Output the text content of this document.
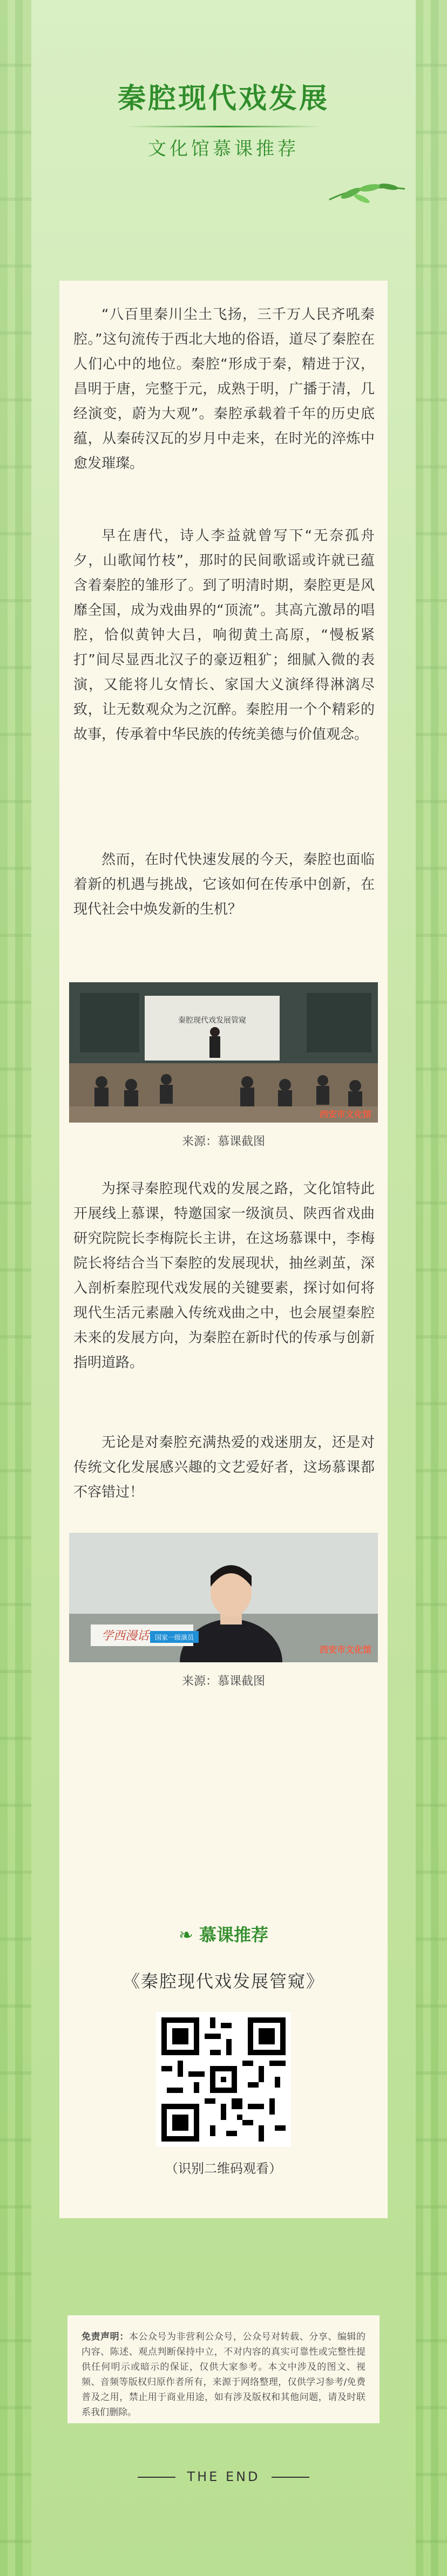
秦腔现代戏发展
文化馆慕课推荐

“八百里秦川尘土飞扬，三千万人民齐吼秦腔。”这句流传于西北大地的俗语，道尽了秦腔在人们心中的地位。秦腔“形成于秦，精进于汉，昌明于唐，完整于元，成熟于明，广播于清，几经演变，蔚为大观”。秦腔承载着千年的历史底蕴，从秦砖汉瓦的岁月中走来，在时光的淬炼中愈发璀璨。

早在唐代，诗人李益就曾写下“无奈孤舟夕，山歌闻竹枝”，那时的民间歌谣或许就已蕴含着秦腔的雏形了。到了明清时期，秦腔更是风靡全国，成为戏曲界的“顶流”。其高亢激昂的唱腔，恰似黄钟大吕，响彻黄土高原，“慢板紧打”间尽显西北汉子的豪迈粗犷；细腻入微的表演，又能将儿女情长、家国大义演绎得淋漓尽致，让无数观众为之沉醉。秦腔用一个个精彩的故事，传承着中华民族的传统美德与价值观念。

然而，在时代快速发展的今天，秦腔也面临着新的机遇与挑战，它该如何在传承中创新，在现代社会中焕发新的生机？

秦腔现代戏发展管窥
西安市文化馆
来源：慕课截图

为探寻秦腔现代戏的发展之路，文化馆特此开展线上慕课，特邀国家一级演员、陕西省戏曲研究院院长李梅院长主讲，在这场慕课中，李梅院长将结合当下秦腔的发展现状，抽丝剥茧，深入剖析秦腔现代戏发展的关键要素，探讨如何将现代生活元素融入传统戏曲之中，也会展望秦腔未来的发展方向，为秦腔在新时代的传承与创新指明道路。

无论是对秦腔充满热爱的戏迷朋友，还是对传统文化发展感兴趣的文艺爱好者，这场慕课都不容错过！

学西漫话 国家一级演员
西安市文化馆
来源：慕课截图
❧ 慕课推荐
《秦腔现代戏发展管窥》
（识别二维码观看）
免责声明：本公众号为非营利公众号，公众号对转载、分享、编辑的内容、陈述、观点判断保持中立，不对内容的真实可靠性或完整性提供任何明示或暗示的保证，仅供大家参考。本文中涉及的图文、视频、音频等版权归原作者所有，来源于网络整理，仅供学习参考/免费普及之用，禁止用于商业用途，如有涉及版权和其他问题，请及时联系我们删除。
THE END
